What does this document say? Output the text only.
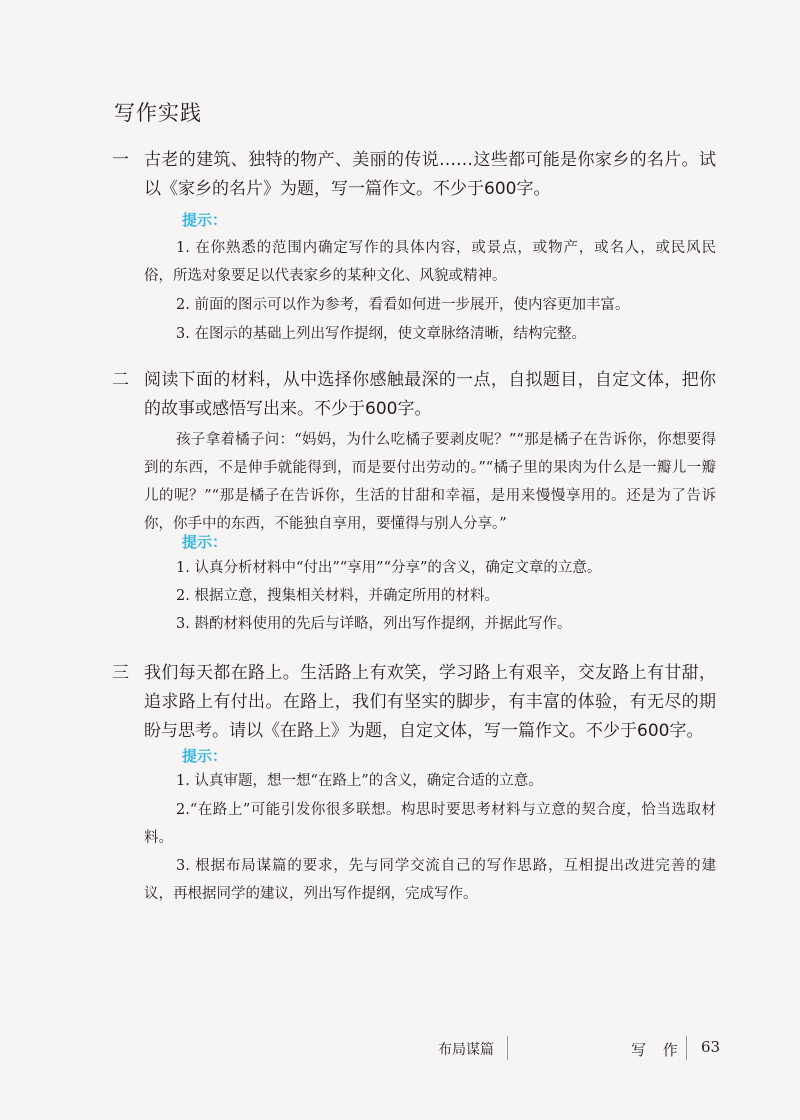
写作实践
一 古老的建筑、独特的物产、美丽的传说……这些都可能是你家乡的名片。试以《家乡的名片》为题，写一篇作文。不少于600字。

提示：

1. 在你熟悉的范围内确定写作的具体内容，或景点，或物产，或名人，或民风民俗，所选对象要足以代表家乡的某种文化、风貌或精神。

2. 前面的图示可以作为参考，看看如何进一步展开，使内容更加丰富。

3. 在图示的基础上列出写作提纲，使文章脉络清晰，结构完整。

二 阅读下面的材料，从中选择你感触最深的一点，自拟题目，自定文体，把你的故事或感悟写出来。不少于600字。

孩子拿着橘子问：“妈妈，为什么吃橘子要剥皮呢？”“那是橘子在告诉你，你想要得到的东西，不是伸手就能得到，而是要付出劳动的。”“橘子里的果肉为什么是一瓣儿一瓣儿的呢？”“那是橘子在告诉你，生活的甘甜和幸福，是用来慢慢享用的。还是为了告诉你，你手中的东西，不能独自享用，要懂得与别人分享。”

提示：

1. 认真分析材料中“付出”“享用”“分享”的含义，确定文章的立意。

2. 根据立意，搜集相关材料，并确定所用的材料。

3. 斟酌材料使用的先后与详略，列出写作提纲，并据此写作。

三 我们每天都在路上。生活路上有欢笑，学习路上有艰辛，交友路上有甘甜，追求路上有付出。在路上，我们有坚实的脚步，有丰富的体验，有无尽的期盼与思考。请以《在路上》为题，自定文体，写一篇作文。不少于600字。

提示：

1. 认真审题，想一想“在路上”的含义，确定合适的立意。

2.“在路上”可能引发你很多联想。构思时要思考材料与立意的契合度，恰当选取材料。

3. 根据布局谋篇的要求，先与同学交流自己的写作思路，互相提出改进完善的建议，再根据同学的建议，列出写作提纲，完成写作。

布局谋篇	写 作 63
